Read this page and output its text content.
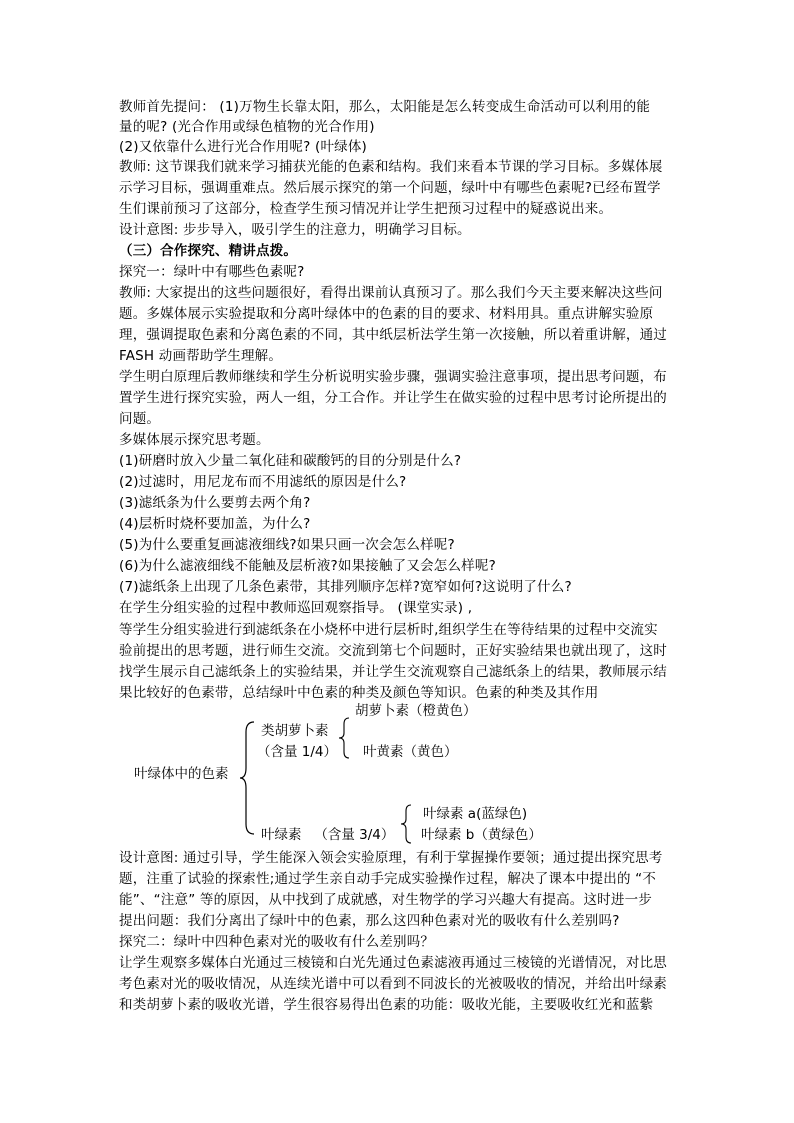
教师首先提问： (1)万物生长靠太阳，那么，太阳能是怎么转变成生命活动可以利用的能
量的呢? (光合作用或绿色植物的光合作用)
(2)又依靠什么进行光合作用呢? (叶绿体)
教师: 这节课我们就来学习捕获光能的色素和结构。我们来看本节课的学习目标。多媒体展
示学习目标，强调重难点。然后展示探究的第一个问题，绿叶中有哪些色素呢?已经布置学
生们课前预习了这部分，检查学生预习情况并让学生把预习过程中的疑惑说出来。
设计意图: 步步导入，吸引学生的注意力，明确学习目标。
（三）合作探究、精讲点拨。
探究一：绿叶中有哪些色素呢?
教师: 大家提出的这些问题很好，看得出课前认真预习了。那么我们今天主要来解决这些问
题。多媒体展示实验提取和分离叶绿体中的色素的目的要求、材料用具。重点讲解实验原
理，强调提取色素和分离色素的不同，其中纸层析法学生第一次接触，所以着重讲解，通过
FASH 动画帮助学生理解。
学生明白原理后教师继续和学生分析说明实验步骤，强调实验注意事项，提出思考问题，布
置学生进行探究实验，两人一组，分工合作。并让学生在做实验的过程中思考讨论所提出的
问题。
多媒体展示探究思考题。
(1)研磨时放入少量二氧化硅和碳酸钙的目的分别是什么?
(2)过滤时，用尼龙布而不用滤纸的原因是什么?
(3)滤纸条为什么要剪去两个角?
(4)层析时烧杯要加盖，为什么?
(5)为什么要重复画滤液细线?如果只画一次会怎么样呢?
(6)为什么滤液细线不能触及层析液?如果接触了又会怎么样呢?
(7)滤纸条上出现了几条色素带，其排列顺序怎样?宽窄如何?这说明了什么?
在学生分组实验的过程中教师巡回观察指导。 (课堂实录) ,
等学生分组实验进行到滤纸条在小烧杯中进行层析时,组织学生在等待结果的过程中交流实
验前提出的思考题，进行师生交流。交流到第七个问题时，正好实验结果也就出现了，这时
找学生展示自己滤纸条上的实验结果，并让学生交流观察自己滤纸条上的结果，教师展示结
果比较好的色素带，总结绿叶中色素的种类及颜色等知识。色素的种类及其作用
胡萝卜素（橙黄色）
类胡萝卜素
（含量 1/4） 叶黄素（黄色）
叶绿体中的色素
叶绿素 a(蓝绿色)
叶绿素   （含量 3/4） 叶绿素 b（黄绿色）
设计意图: 通过引导，学生能深入领会实验原理，有利于掌握操作要领；通过提出探究思考
题，注重了试验的探索性;通过学生亲自动手完成实验操作过程，解决了课本中提出的 “不
能”、“注意” 等的原因，从中找到了成就感，对生物学的学习兴趣大有提高。这时进一步
提出问题：我们分离出了绿叶中的色素，那么这四种色素对光的吸收有什么差别吗?
探究二：绿叶中四种色素对光的吸收有什么差别吗？
让学生观察多媒体白光通过三棱镜和白光先通过色素滤液再通过三棱镜的光谱情况，对比思
考色素对光的吸收情况，从连续光谱中可以看到不同波长的光被吸收的情况，并给出叶绿素
和类胡萝卜素的吸收光谱，学生很容易得出色素的功能：吸收光能，主要吸收红光和蓝紫
